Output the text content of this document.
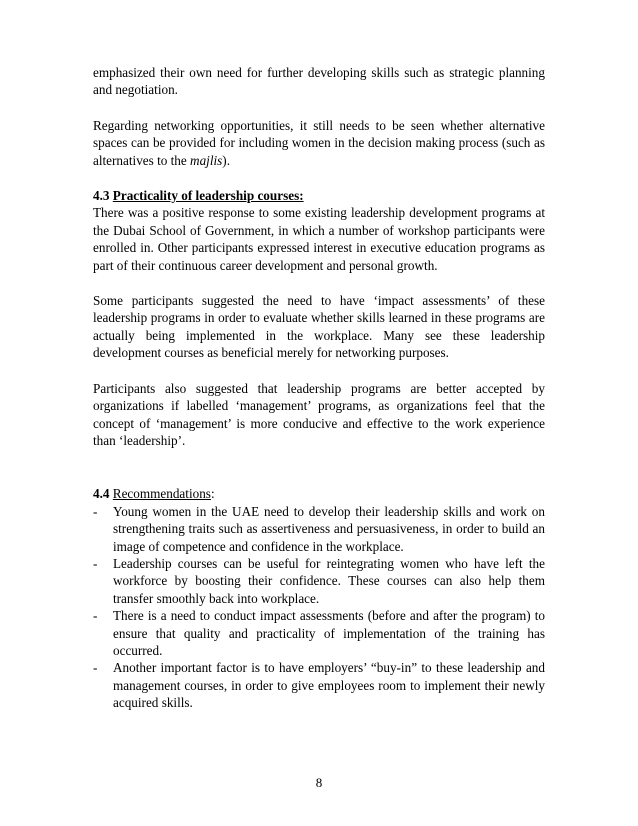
emphasized their own need for further developing skills such as strategic planning and negotiation.

Regarding networking opportunities, it still needs to be seen whether alternative spaces can be provided for including women in the decision making process (such as alternatives to the majlis).

4.3 Practicality of leadership courses:

There was a positive response to some existing leadership development programs at the Dubai School of Government, in which a number of workshop participants were enrolled in. Other participants expressed interest in executive education programs as part of their continuous career development and personal growth.

Some participants suggested the need to have ‘impact assessments’ of these leadership programs in order to evaluate whether skills learned in these programs are actually being implemented in the workplace. Many see these leadership development courses as beneficial merely for networking purposes.

Participants also suggested that leadership programs are better accepted by organizations if labelled ‘management’ programs, as organizations feel that the concept of ‘management’ is more conducive and effective to the work experience than ‘leadership’.

4.4 Recommendations:

- Young women in the UAE need to develop their leadership skills and work on strengthening traits such as assertiveness and persuasiveness, in order to build an image of competence and confidence in the workplace.
- Leadership courses can be useful for reintegrating women who have left the workforce by boosting their confidence. These courses can also help them transfer smoothly back into workplace.
- There is a need to conduct impact assessments (before and after the program) to ensure that quality and practicality of implementation of the training has occurred.
- Another important factor is to have employers’ “buy-in” to these leadership and management courses, in order to give employees room to implement their newly acquired skills.
8
